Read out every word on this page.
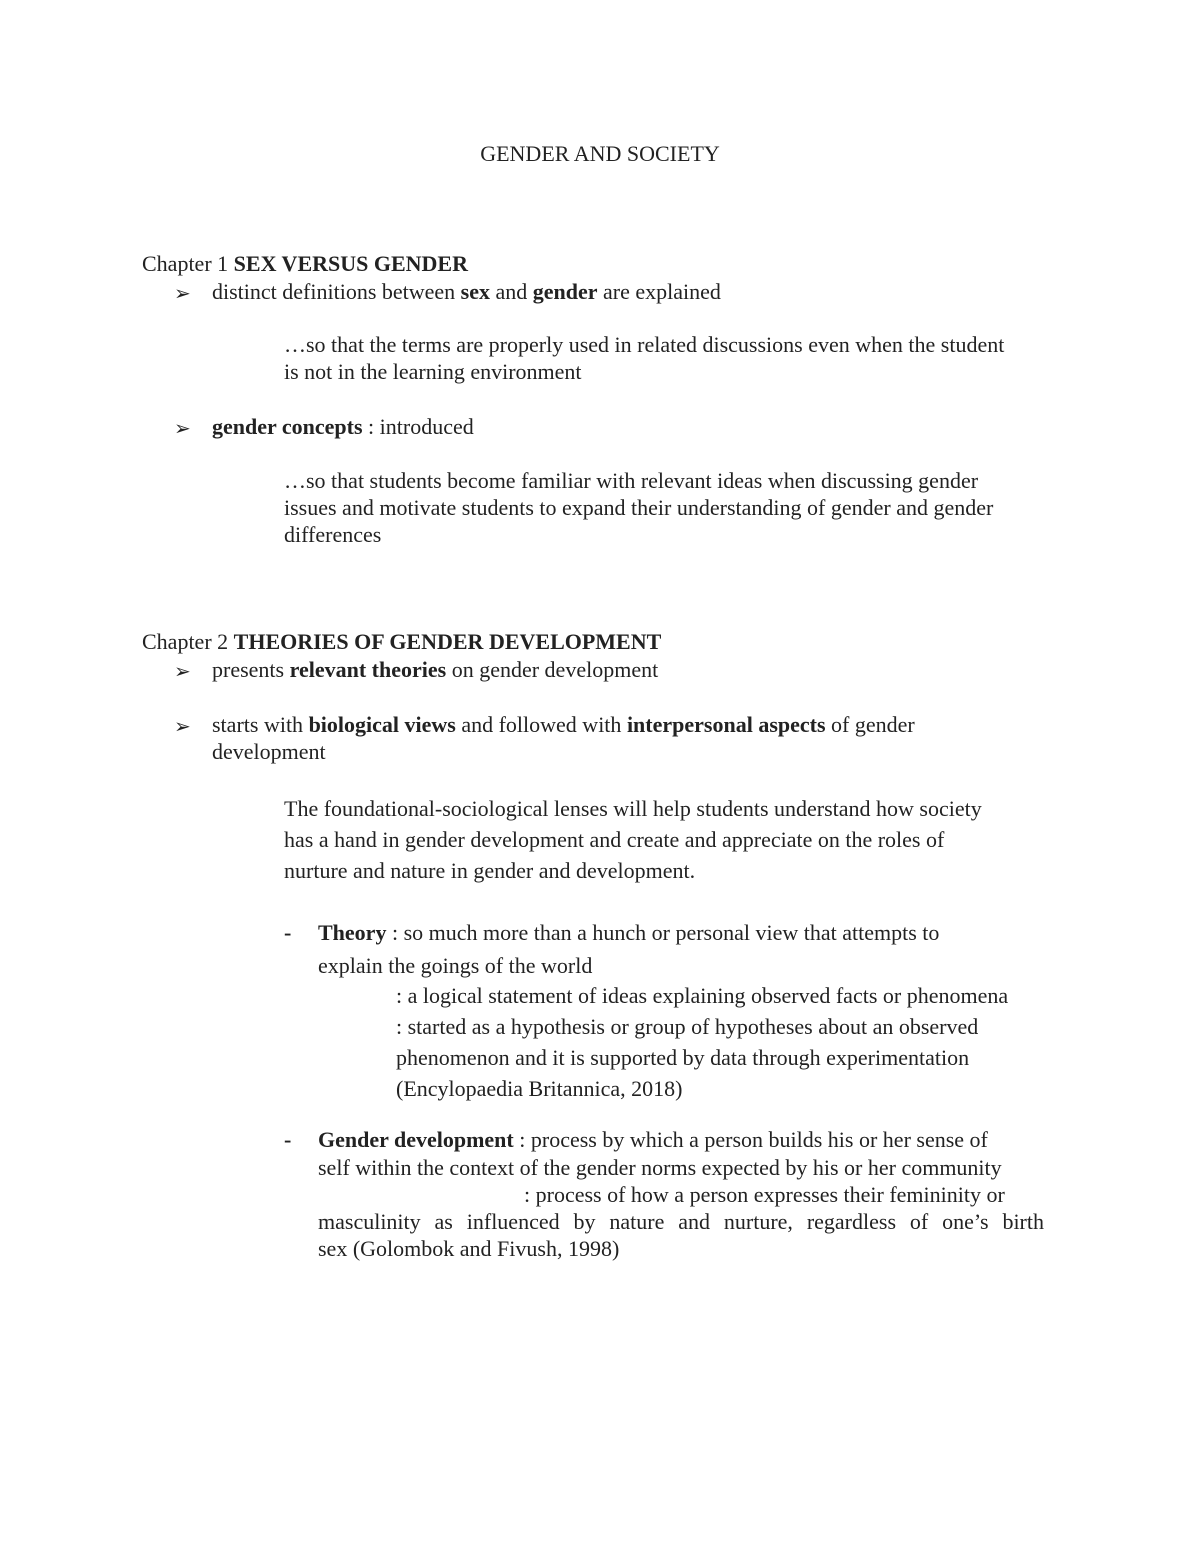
GENDER AND SOCIETY
Chapter 1 SEX VERSUS GENDER
➢ distinct definitions between sex and gender are explained
…so that the terms are properly used in related discussions even when the student
is not in the learning environment
➢ gender concepts : introduced
…so that students become familiar with relevant ideas when discussing gender
issues and motivate students to expand their understanding of gender and gender
differences
Chapter 2 THEORIES OF GENDER DEVELOPMENT
➢ presents relevant theories on gender development
➢ starts with biological views and followed with interpersonal aspects of gender
development
The foundational-sociological lenses will help students understand how society
has a hand in gender development and create and appreciate on the roles of
nurture and nature in gender and development.
- Theory : so much more than a hunch or personal view that attempts to
explain the goings of the world
: a logical statement of ideas explaining observed facts or phenomena
: started as a hypothesis or group of hypotheses about an observed
phenomenon and it is supported by data through experimentation
(Encylopaedia Britannica, 2018)
- Gender development : process by which a person builds his or her sense of
self within the context of the gender norms expected by his or her community
: process of how a person expresses their femininity or
masculinity as influenced by nature and nurture, regardless of one’s birth
sex (Golombok and Fivush, 1998)
